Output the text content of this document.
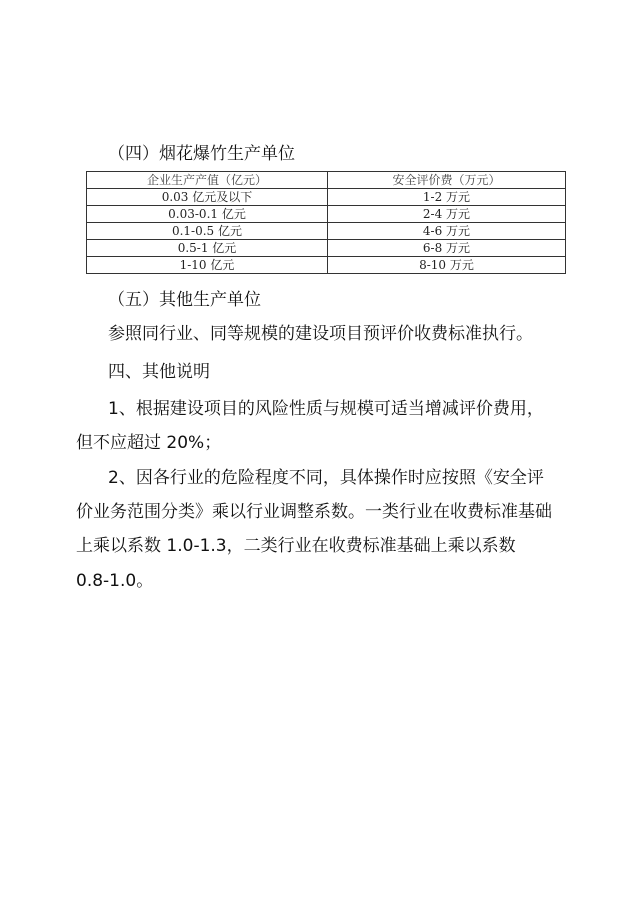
（四）烟花爆竹生产单位
企业生产产值（亿元）	安全评价费（万元）
0.03 亿元及以下	1-2 万元
0.03-0.1 亿元	2-4 万元
0.1-0.5 亿元	4-6 万元
0.5-1 亿元	6-8 万元
1-10 亿元	8-10 万元
（五）其他生产单位
参照同行业、同等规模的建设项目预评价收费标准执行。
四、其他说明
1、根据建设项目的风险性质与规模可适当增减评价费用，
但不应超过 20%；
2、因各行业的危险程度不同，具体操作时应按照《安全评
价业务范围分类》乘以行业调整系数。一类行业在收费标准基础
上乘以系数 1.0-1.3，二类行业在收费标准基础上乘以系数
0.8-1.0。
